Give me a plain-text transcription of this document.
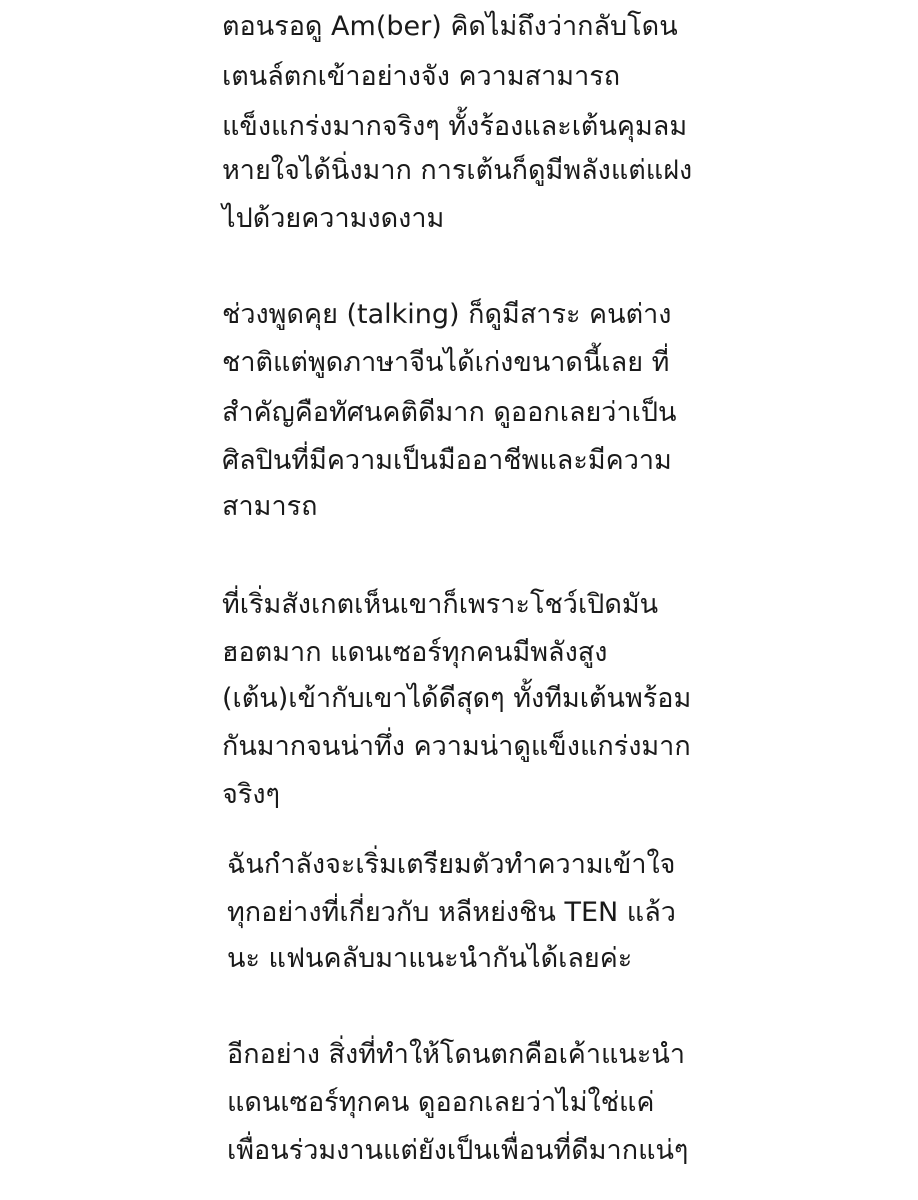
ตอนรอดู Am(ber) คิดไม่ถึงว่ากลับโดน
เตนล์ตกเข้าอย่างจัง ความสามารถ
แข็งแกร่งมากจริงๆ ทั้งร้องและเต้นคุมลม
หายใจได้นิ่งมาก การเต้นก็ดูมีพลังแต่แฝง
ไปด้วยความงดงาม
ช่วงพูดคุย (talking) ก็ดูมีสาระ คนต่าง
ชาติแต่พูดภาษาจีนได้เก่งขนาดนี้เลย ที่
สำคัญคือทัศนคติดีมาก ดูออกเลยว่าเป็น
ศิลปินที่มีความเป็นมืออาชีพและมีความ
สามารถ
ที่เริ่มสังเกตเห็นเขาก็เพราะโชว์เปิดมัน
ฮอตมาก แดนเซอร์ทุกคนมีพลังสูง
(เต้น)เข้ากับเขาได้ดีสุดๆ ทั้งทีมเต้นพร้อม
กันมากจนน่าทึ่ง ความน่าดูแข็งแกร่งมาก
จริงๆ
ฉันกำลังจะเริ่มเตรียมตัวทำความเข้าใจ
ทุกอย่างที่เกี่ยวกับ หลีหย่งชิน TEN แล้ว
นะ แฟนคลับมาแนะนำกันได้เลยค่ะ
อีกอย่าง สิ่งที่ทำให้โดนตกคือเค้าแนะนำ
แดนเซอร์ทุกคน ดูออกเลยว่าไม่ใช่แค่
เพื่อนร่วมงานแต่ยังเป็นเพื่อนที่ดีมากแน่ๆ
